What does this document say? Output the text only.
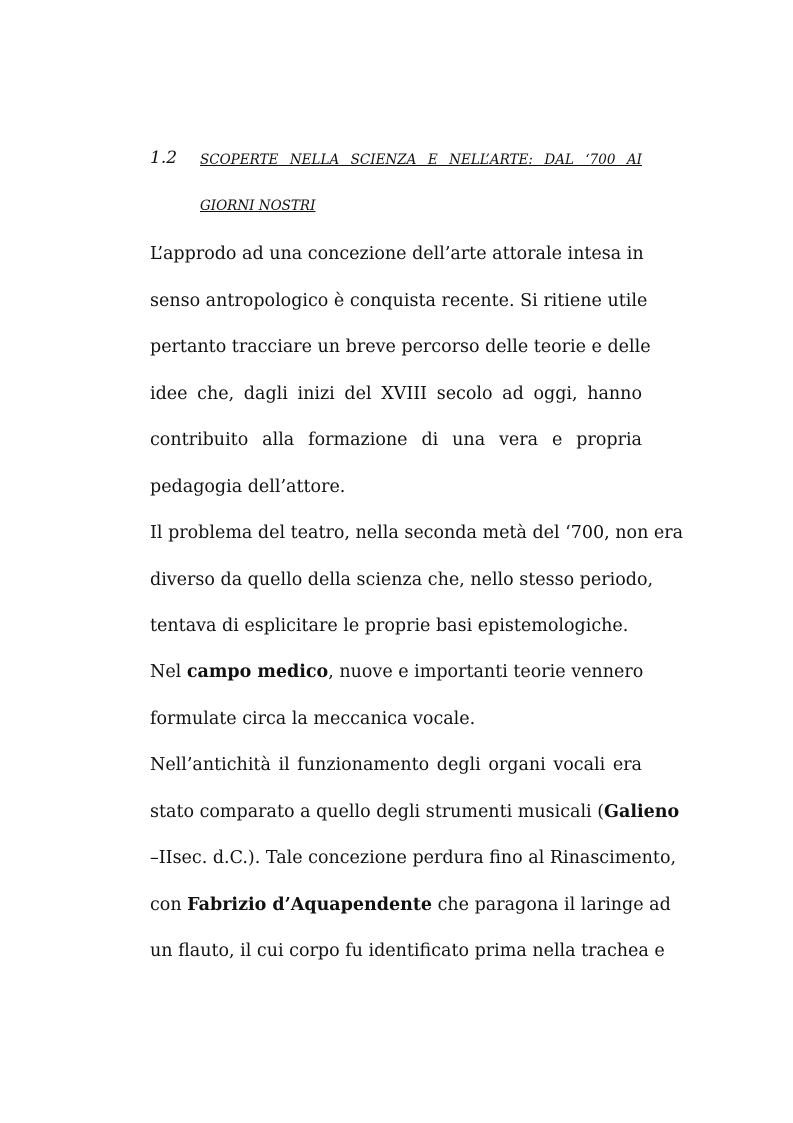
1.2 SCOPERTE NELLA SCIENZA E NELL’ARTE: DAL ‘700 AI
GIORNI NOSTRI
L’approdo ad una concezione dell’arte attorale intesa in
senso antropologico è conquista recente. Si ritiene utile
pertanto tracciare un breve percorso delle teorie e delle
idee che, dagli inizi del XVIII secolo ad oggi, hanno
contribuito alla formazione di una vera e propria
pedagogia dell’attore.
Il problema del teatro, nella seconda metà del ‘700, non era
diverso da quello della scienza che, nello stesso periodo,
tentava di esplicitare le proprie basi epistemologiche.
Nel campo medico, nuove e importanti teorie vennero
formulate circa la meccanica vocale.
Nell’antichità il funzionamento degli organi vocali era
stato comparato a quello degli strumenti musicali (Galieno
–IIsec. d.C.). Tale concezione perdura fino al Rinascimento,
con Fabrizio d’Aquapendente che paragona il laringe ad
un flauto, il cui corpo fu identificato prima nella trachea e
